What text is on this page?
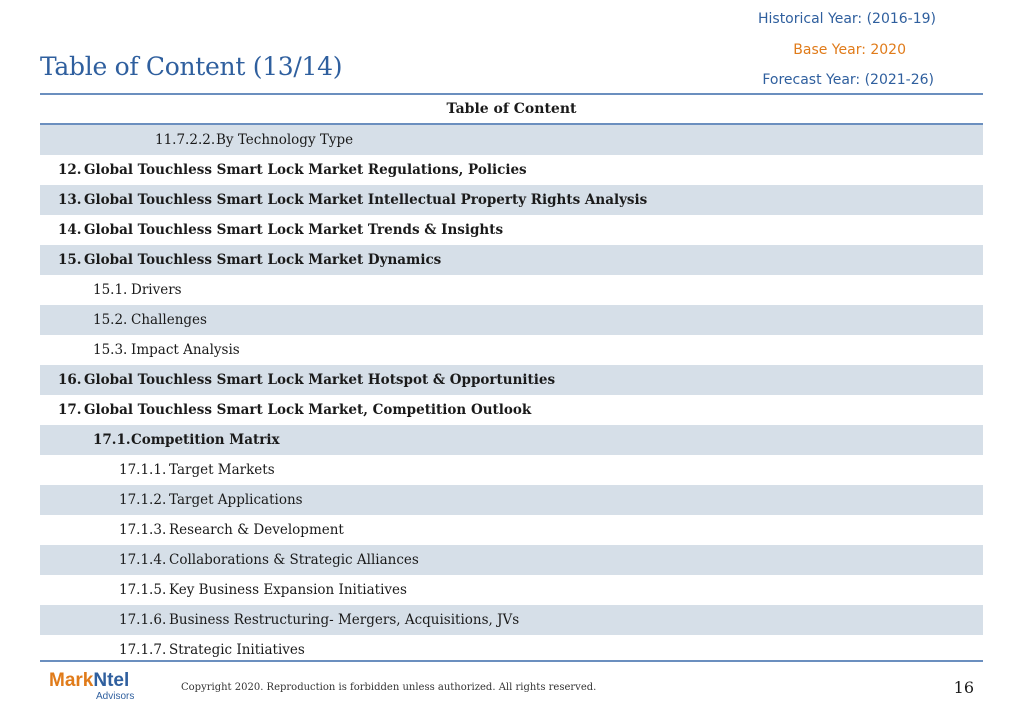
Table of Content (13/14)
Historical Year: (2016-19)
Base Year: 2020
Forecast Year: (2021-26)
Table of Content
11.7.2.2.By Technology Type
12. Global Touchless Smart Lock Market Regulations, Policies
13. Global Touchless Smart Lock Market Intellectual Property Rights Analysis
14. Global Touchless Smart Lock Market Trends & Insights
15. Global Touchless Smart Lock Market Dynamics
15.1. Drivers
15.2. Challenges
15.3. Impact Analysis
16. Global Touchless Smart Lock Market Hotspot & Opportunities
17. Global Touchless Smart Lock Market, Competition Outlook
17.1.Competition Matrix
17.1.1. Target Markets
17.1.2. Target Applications
17.1.3. Research & Development
17.1.4. Collaborations & Strategic Alliances
17.1.5. Key Business Expansion Initiatives
17.1.6. Business Restructuring- Mergers, Acquisitions, JVs
17.1.7. Strategic Initiatives
MarkNtel
Advisors
Copyright 2020. Reproduction is forbidden unless authorized. All rights reserved.	16
